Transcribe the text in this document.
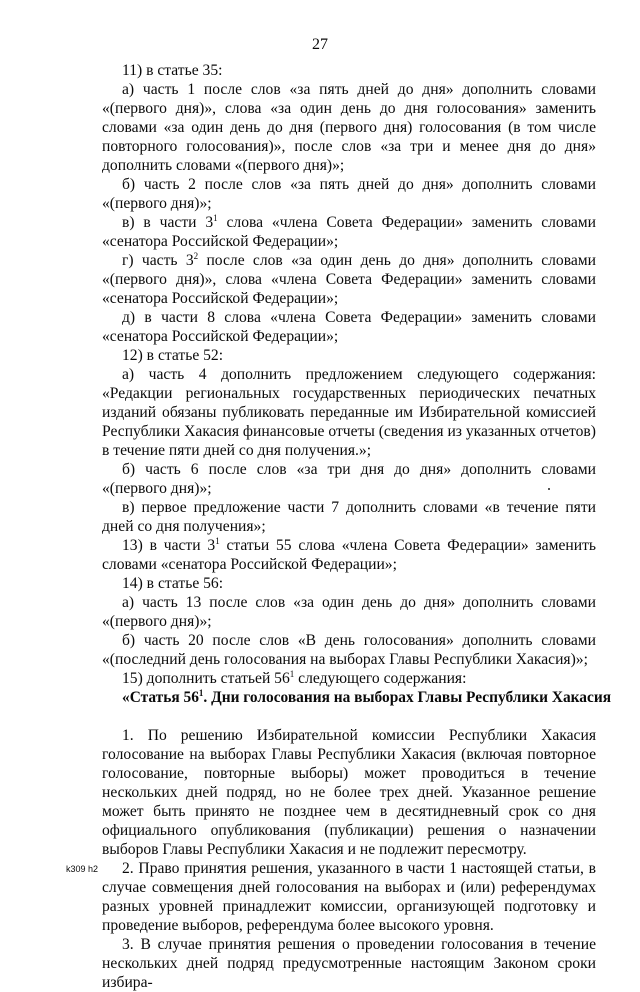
27

11) в статье 35:

а) часть 1 после слов «за пять дней до дня» дополнить словами «(первого дня)», слова «за один день до дня голосования» заменить словами «за один день до дня (первого дня) голосования (в том числе повторного голосования)», после слов «за три и менее дня до дня» дополнить словами «(первого дня)»;

б) часть 2 после слов «за пять дней до дня» дополнить словами «(первого дня)»;

в) в части $3^1$ слова «члена Совета Федерации» заменить словами «сенатора Российской Федерации»;

г) часть $3^2$ после слов «за один день до дня» дополнить словами «(первого дня)», слова «члена Совета Федерации» заменить словами «сенатора Российской Федерации»;

д) в части 8 слова «члена Совета Федерации» заменить словами «сенатора Российской Федерации»;

12) в статье 52:

а) часть 4 дополнить предложением следующего содержания: «Редакции региональных государственных периодических печатных изданий обязаны публиковать переданные им Избирательной комиссией Республики Хакасия финансовые отчеты (сведения из указанных отчетов) в течение пяти дней со дня получения.»;

б) часть 6 после слов «за три дня до дня» дополнить словами «(первого дня)»;

в) первое предложение части 7 дополнить словами «в течение пяти дней со дня получения»;

13) в части $3^1$ статьи 55 слова «члена Совета Федерации» заменить словами «сенатора Российской Федерации»;

14) в статье 56:

а) часть 13 после слов «за один день до дня» дополнить словами «(первого дня)»;

б) часть 20 после слов «В день голосования» дополнить словами «(последний день голосования на выборах Главы Республики Хакасия)»;

15) дополнить статьей $56^1$ следующего содержания:

«Статья $56^1$. Дни голосования на выборах Главы Республики Хакасия

1. По решению Избирательной комиссии Республики Хакасия голосование на выборах Главы Республики Хакасия (включая повторное голосование, повторные выборы) может проводиться в течение нескольких дней подряд, но не более трех дней. Указанное решение может быть принято не позднее чем в десятидневный срок со дня официального опубликования (публикации) решения о назначении выборов Главы Республики Хакасия и не подлежит пересмотру.

2. Право принятия решения, указанного в части 1 настоящей статьи, в случае совмещения дней голосования на выборах и (или) референдумах разных уровней принадлежит комиссии, организующей подготовку и проведение выборов, референдума более высокого уровня.

3. В случае принятия решения о проведении голосования в течение нескольких дней подряд предусмотренные настоящим Законом сроки избира-

k309 h2
